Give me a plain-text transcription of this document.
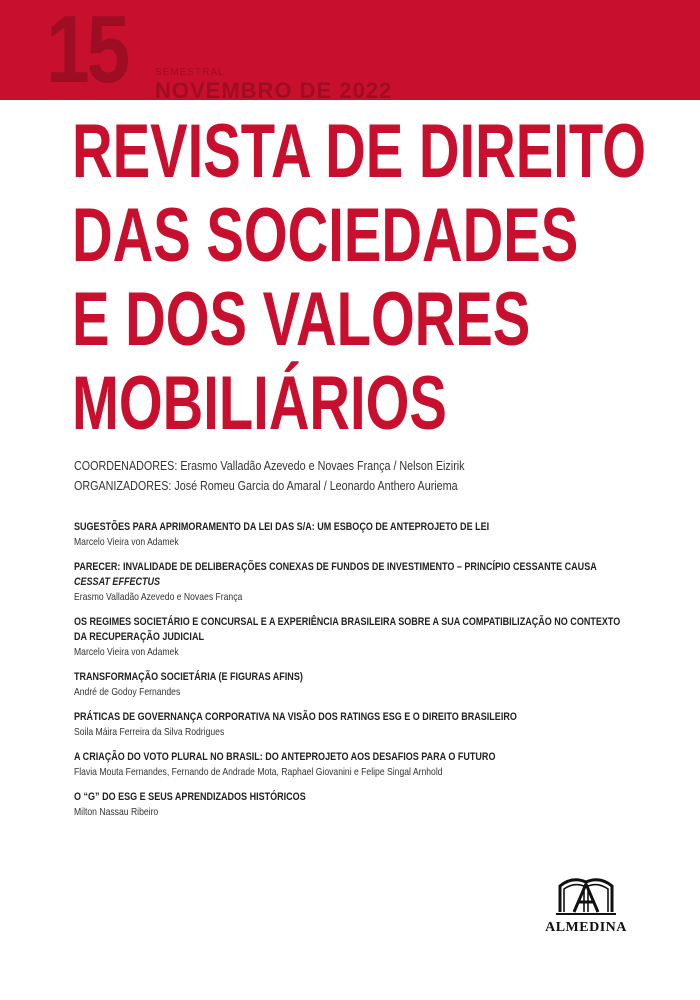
15	SEMESTRAL
NOVEMBRO DE 2022
REVISTA DE DIREITO
DAS SOCIEDADES
E DOS VALORES
MOBILIÁRIOS
COORDENADORES: Erasmo Valladão Azevedo e Novaes França / Nelson Eizirik
ORGANIZADORES: José Romeu Garcia do Amaral / Leonardo Anthero Auriema
SUGESTÕES PARA APRIMORAMENTO DA LEI DAS S/A: UM ESBOÇO DE ANTEPROJETO DE LEI
Marcelo Vieira von Adamek
PARECER: INVALIDADE DE DELIBERAÇÕES CONEXAS DE FUNDOS DE INVESTIMENTO – PRINCÍPIO CESSANTE CAUSA CESSAT EFFECTUS
Erasmo Valladão Azevedo e Novaes França
OS REGIMES SOCIETÁRIO E CONCURSAL E A EXPERIÊNCIA BRASILEIRA SOBRE A SUA COMPATIBILIZAÇÃO NO CONTEXTO
DA RECUPERAÇÃO JUDICIAL
Marcelo Vieira von Adamek
TRANSFORMAÇÃO SOCIETÁRIA (E FIGURAS AFINS)
André de Godoy Fernandes
PRÁTICAS DE GOVERNANÇA CORPORATIVA NA VISÃO DOS RATINGS ESG E O DIREITO BRASILEIRO
Soila Máira Ferreira da Silva Rodrigues
A CRIAÇÃO DO VOTO PLURAL NO BRASIL: DO ANTEPROJETO AOS DESAFIOS PARA O FUTURO
Flavia Mouta Fernandes, Fernando de Andrade Mota, Raphael Giovanini e Felipe Singal Arnhold
O “G” DO ESG E SEUS APRENDIZADOS HISTÓRICOS
Milton Nassau Ribeiro
ALMEDINA
